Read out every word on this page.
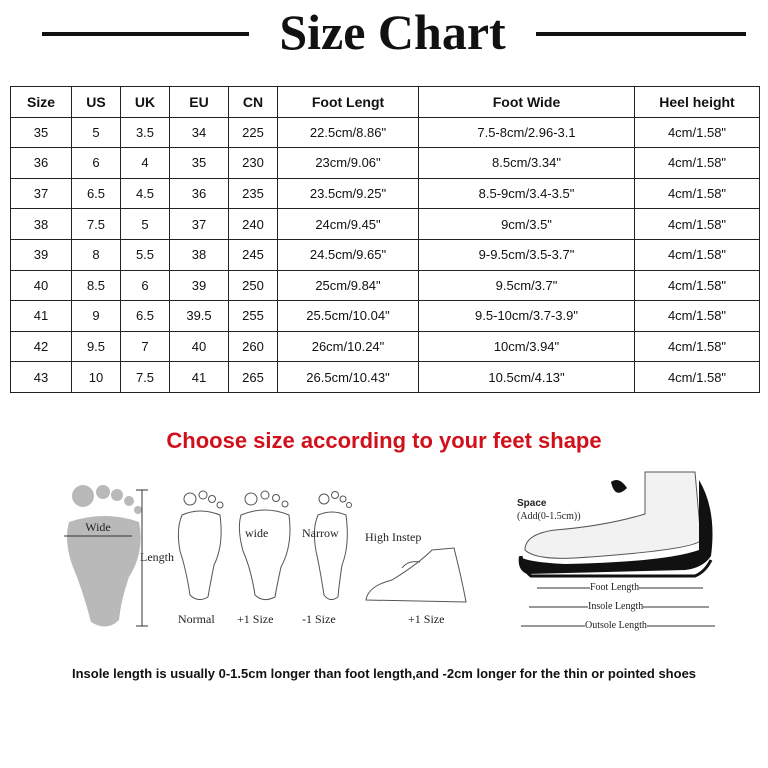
Size Chart
Size	US	UK	EU	CN	Foot Lengt	Foot Wide	Heel height
35	5	3.5	34	225	22.5cm/8.86"	7.5-8cm/2.96-3.1	4cm/1.58"
36	6	4	35	230	23cm/9.06"	8.5cm/3.34"	4cm/1.58"
37	6.5	4.5	36	235	23.5cm/9.25"	8.5-9cm/3.4-3.5"	4cm/1.58"
38	7.5	5	37	240	24cm/9.45"	9cm/3.5"	4cm/1.58"
39	8	5.5	38	245	24.5cm/9.65"	9-9.5cm/3.5-3.7"	4cm/1.58"
40	8.5	6	39	250	25cm/9.84"	9.5cm/3.7"	4cm/1.58"
41	9	6.5	39.5	255	25.5cm/10.04"	9.5-10cm/3.7-3.9"	4cm/1.58"
42	9.5	7	40	260	26cm/10.24"	10cm/3.94"	4cm/1.58"
43	10	7.5	41	265	26.5cm/10.43"	10.5cm/4.13"	4cm/1.58"
Choose size according to your feet shape
Wide
Length
Normal
wide
+1 Size
Narrow
-1 Size
High Instep
+1 Size
Space
(Add(0-1.5cm))
Foot Length
Insole Length
Outsole Length
Insole length is usually 0-1.5cm longer than foot length,and -2cm longer for the thin or pointed shoes
